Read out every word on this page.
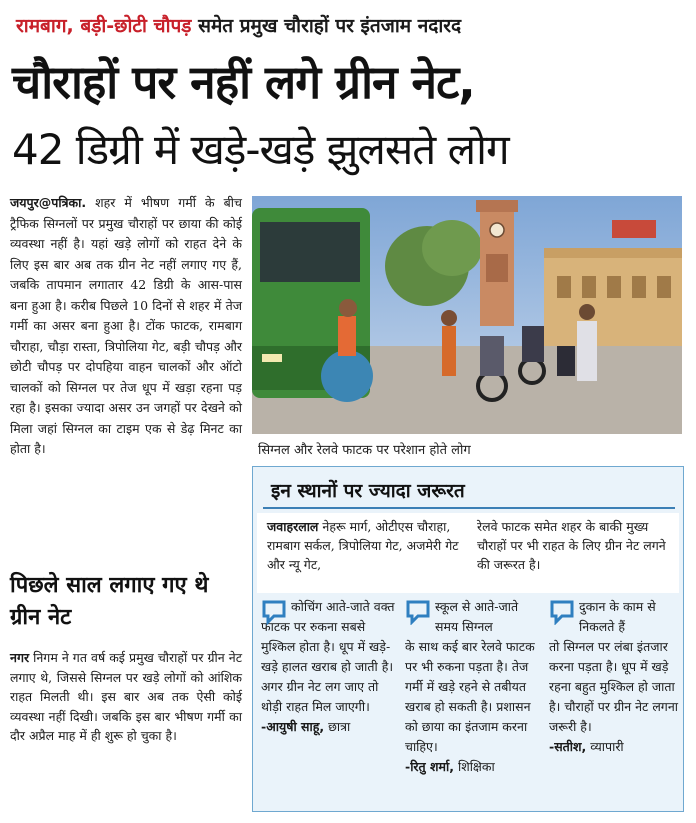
रामबाग, बड़ी-छोटी चौपड़ समेत प्रमुख चौराहों पर इंतजाम नदारद
चौराहों पर नहीं लगे ग्रीन नेट,
42 डिग्री में खड़े-खड़े झुलसते लोग
जयपुर@पत्रिका. शहर में भीषण गर्मी के बीच ट्रैफिक सिग्नलों पर प्रमुख चौराहों पर छाया की कोई व्यवस्था नहीं है। यहां खड़े लोगों को राहत देने के लिए इस बार अब तक ग्रीन नेट नहीं लगाए गए हैं, जबकि तापमान लगातार 42 डिग्री के आस-पास बना हुआ है। करीब पिछले 10 दिनों से शहर में तेज गर्मी का असर बना हुआ है। टोंक फाटक, रामबाग चौराहा, चौड़ा रास्ता, त्रिपोलिया गेट, बड़ी चौपड़ और छोटी चौपड़ पर दोपहिया वाहन चालकों और ऑटो चालकों को सिग्नल पर तेज धूप में खड़ा रहना पड़ रहा है। इसका ज्यादा असर उन जगहों पर देखने को मिला जहां सिग्नल का टाइम एक से डेढ़ मिनट का होता है।
पिछले साल लगाए गए थे ग्रीन नेट
नगर निगम ने गत वर्ष कई प्रमुख चौराहों पर ग्रीन नेट लगाए थे, जिससे सिग्नल पर खड़े लोगों को आंशिक राहत मिलती थी। इस बार अब तक ऐसी कोई व्यवस्था नहीं दिखी। जबकि इस बार भीषण गर्मी का दौर अप्रैल माह में ही शुरू हो चुका है।
सिग्नल और रेलवे फाटक पर परेशान होते लोग
इन स्थानों पर ज्यादा जरूरत
जवाहरलाल नेहरू मार्ग, ओटीएस चौराहा, रामबाग सर्कल, त्रिपोलिया गेट, अजमेरी गेट और न्यू गेट,
रेलवे फाटक समेत शहर के बाकी मुख्य चौराहों पर भी राहत के लिए ग्रीन नेट लगने की जरूरत है।
कोचिंग आते-जाते वक्त
फाटक पर रुकना सबसे मुश्किल होता है। धूप में खड़े-खड़े हालत खराब हो जाती है। अगर ग्रीन नेट लग जाए तो थोड़ी राहत मिल जाएगी।
-आयुषी साहू, छात्रा
स्कूल से आते-जाते समय सिग्नल
के साथ कई बार रेलवे फाटक पर भी रुकना पड़ता है। तेज गर्मी में खड़े रहने से तबीयत खराब हो सकती है। प्रशासन को छाया का इंतजाम करना चाहिए।
-रितु शर्मा, शिक्षिका
दुकान के काम से निकलते हैं
तो सिग्नल पर लंबा इंतजार करना पड़ता है। धूप में खड़े रहना बहुत मुश्किल हो जाता है। चौराहों पर ग्रीन नेट लगना जरूरी है।
-सतीश, व्यापारी
